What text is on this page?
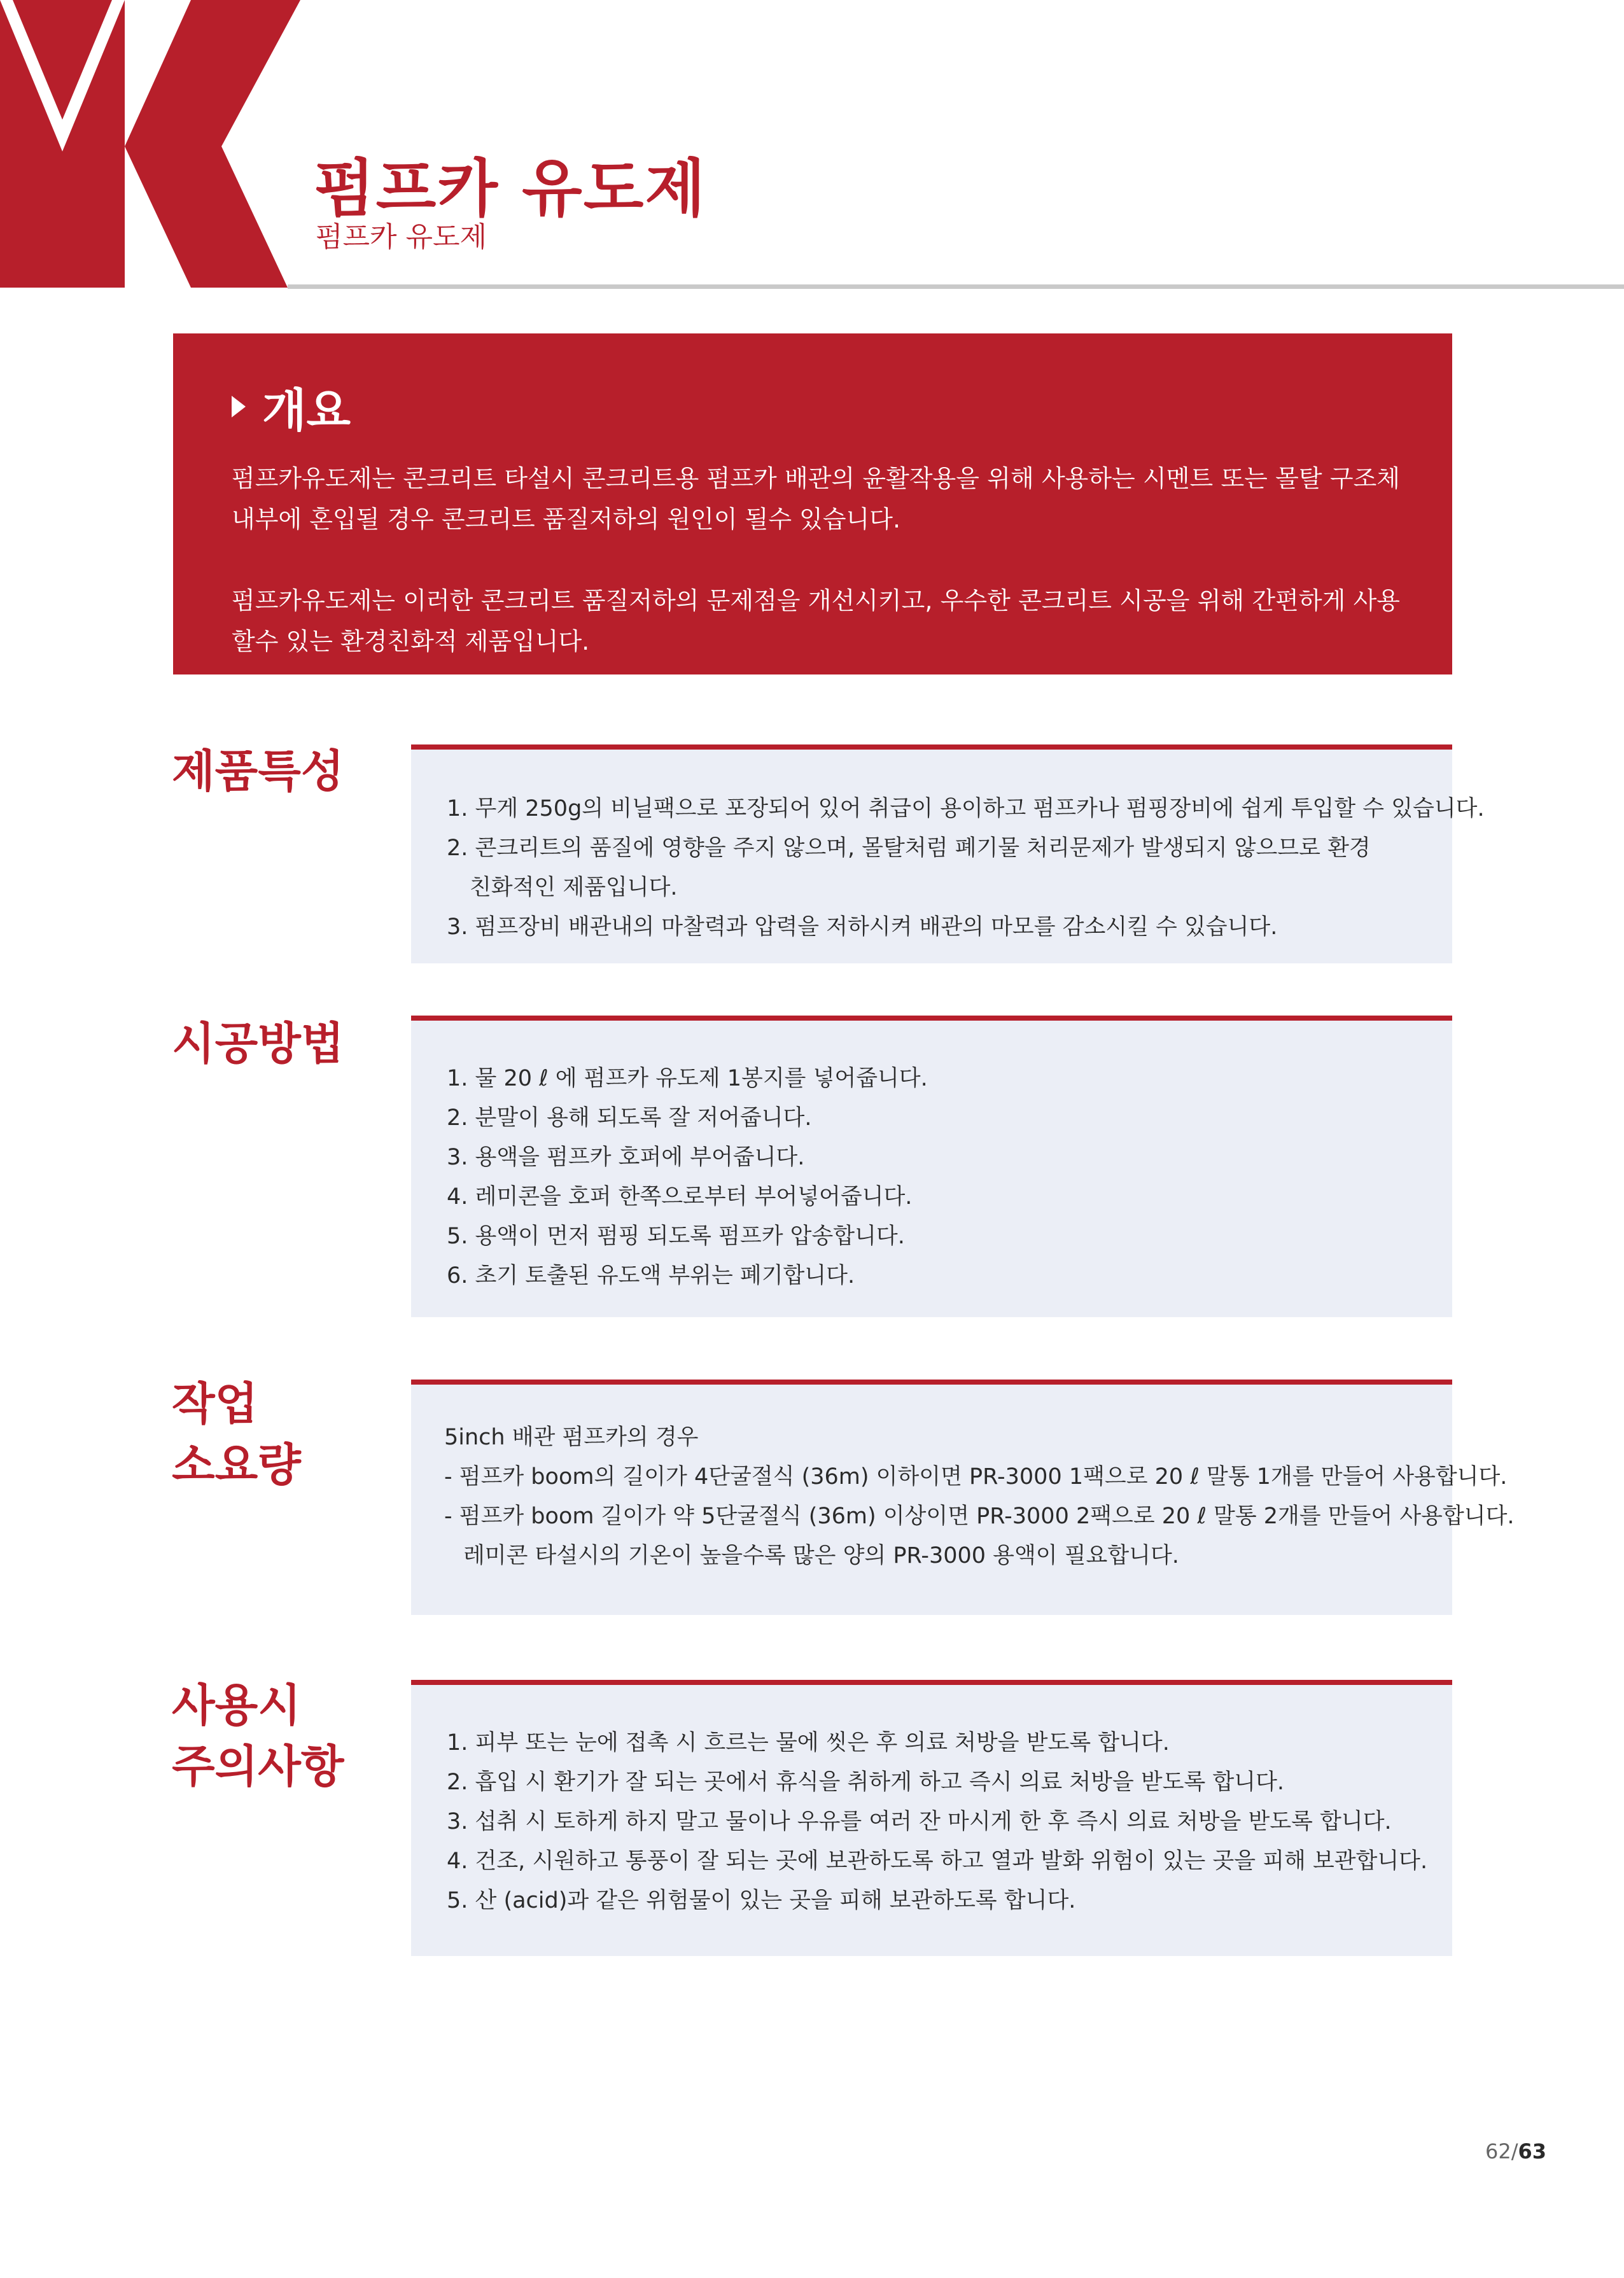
펌프카 유도제
펌프카 유도제
개요

펌프카유도제는 콘크리트 타설시 콘크리트용 펌프카 배관의 윤활작용을 위해 사용하는 시멘트 또는 몰탈 구조체 내부에 혼입될 경우 콘크리트 품질저하의 원인이 될수 있습니다.

펌프카유도제는 이러한 콘크리트 품질저하의 문제점을 개선시키고, 우수한 콘크리트 시공을 위해 간편하게 사용할수 있는 환경친화적 제품입니다.

제품특성
1. 무게 250g의 비닐팩으로 포장되어 있어 취급이 용이하고 펌프카나 펌핑장비에 쉽게 투입할 수 있습니다.
2. 콘크리트의 품질에 영향을 주지 않으며, 몰탈처럼 폐기물 처리문제가 발생되지 않으므로 환경
친화적인 제품입니다.
3. 펌프장비 배관내의 마찰력과 압력을 저하시켜 배관의 마모를 감소시킬 수 있습니다.
시공방법
1. 물 20 ℓ 에 펌프카 유도제 1봉지를 넣어줍니다.
2. 분말이 용해 되도록 잘 저어줍니다.
3. 용액을 펌프카 호퍼에 부어줍니다.
4. 레미콘을 호퍼 한쪽으로부터 부어넣어줍니다.
5. 용액이 먼저 펌핑 되도록 펌프카 압송합니다.
6. 초기 토출된 유도액 부위는 폐기합니다.
작업
소요량
5inch 배관 펌프카의 경우
- 펌프카 boom의 길이가 4단굴절식 (36m) 이하이면 PR-3000 1팩으로 20 ℓ 말통 1개를 만들어 사용합니다.
- 펌프카 boom 길이가 약 5단굴절식 (36m) 이상이면 PR-3000 2팩으로 20 ℓ 말통 2개를 만들어 사용합니다.
레미콘 타설시의 기온이 높을수록 많은 양의 PR-3000 용액이 필요합니다.
사용시
주의사항	1. 피부 또는 눈에 접촉 시 흐르는 물에 씻은 후 의료 처방을 받도록 합니다.
2. 흡입 시 환기가 잘 되는 곳에서 휴식을 취하게 하고 즉시 의료 처방을 받도록 합니다.
3. 섭취 시 토하게 하지 말고 물이나 우유를 여러 잔 마시게 한 후 즉시 의료 처방을 받도록 합니다.
4. 건조, 시원하고 통풍이 잘 되는 곳에 보관하도록 하고 열과 발화 위험이 있는 곳을 피해 보관합니다.
5. 산 (acid)과 같은 위험물이 있는 곳을 피해 보관하도록 합니다.
62/63
